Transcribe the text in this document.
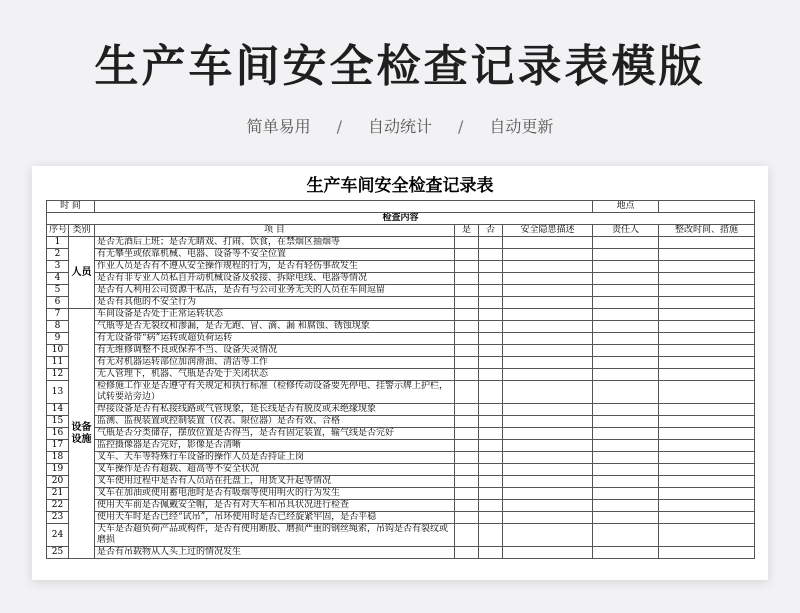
生产车间安全检查记录表模版
简单易用 / 自动统计 / 自动更新
生产车间安全检查记录表
时 间						地点	
检查内容							
序号	类别	项 目	是	否	安全隐患描述	责任人	整改时间、措施
1	人员	是否无酒后上班；是否无睛戏、打闹、饮食，在禁烟区抽烟等					
2		有无攀坐或依靠机械、电器、设备等不安全位置					
3		作业人员是否有不遵从安全操作规程的行为，是否有轻伤事故发生					
4		是否有非专业人员私自开动机械设备及驳接、拆除电线、电器等情况					
5		是否有人利用公司资源干私活，是否有与公司业务无关的人员在车间逗留					
6		是否有其他的不安全行为					
7	设备设施	车间设备是否处于正常运转状态					
8		气瓶等是否无裂纹和渗漏，是否无跑、冒、滴、漏 和腐蚀、锈蚀现象					
9		有无设备带“病”运转或超负荷运转					
10		有无维修调整不良或保养不当、设备失灵情况					
11		有无对机器运转部位加润滑油、清洁等工作					
12		无人管理下，机器、气瓶是否处于关闭状态					
13		检修施工作业是否遵守有关规定和执行标准（检修传动设备要先停电、挂警示牌上护栏，试转要站旁边）					
14		焊接设备是否有私接线路或气管现象，延长线是否有脱皮或未绝缘现象					
15		监测、监视装置或控制装置（仪表、限位器）是否有效、合格					
16		气瓶是否分类储存，摆放位置是否得当，是否有固定装置，输气线是否完好					
17		监控摄像器是否完好，影像是否清晰					
18		叉车、天车等特殊行车设备的操作人员是否持证上岗					
19		叉车操作是否有超载、超高等不安全状况					
20		叉车使用过程中是否有人员站在托盘上，用货叉升起等情况					
21		叉车在加油或使用蓄电池时是否有吸烟等使用明火的行为发生					
22		使用天车前是否佩戴安全帽，是否有对天车和吊具状况进行检查					
23		使用天车时是否已经“试吊”，吊环使用时是否已经旋紧牢固，是否平稳					
24		天车是否超负荷产品或构件，是否有使用断股、磨损严重的钢丝绳索，吊钩是否有裂纹或磨损					
25		是否有吊载物从人头上过的情况发生					
